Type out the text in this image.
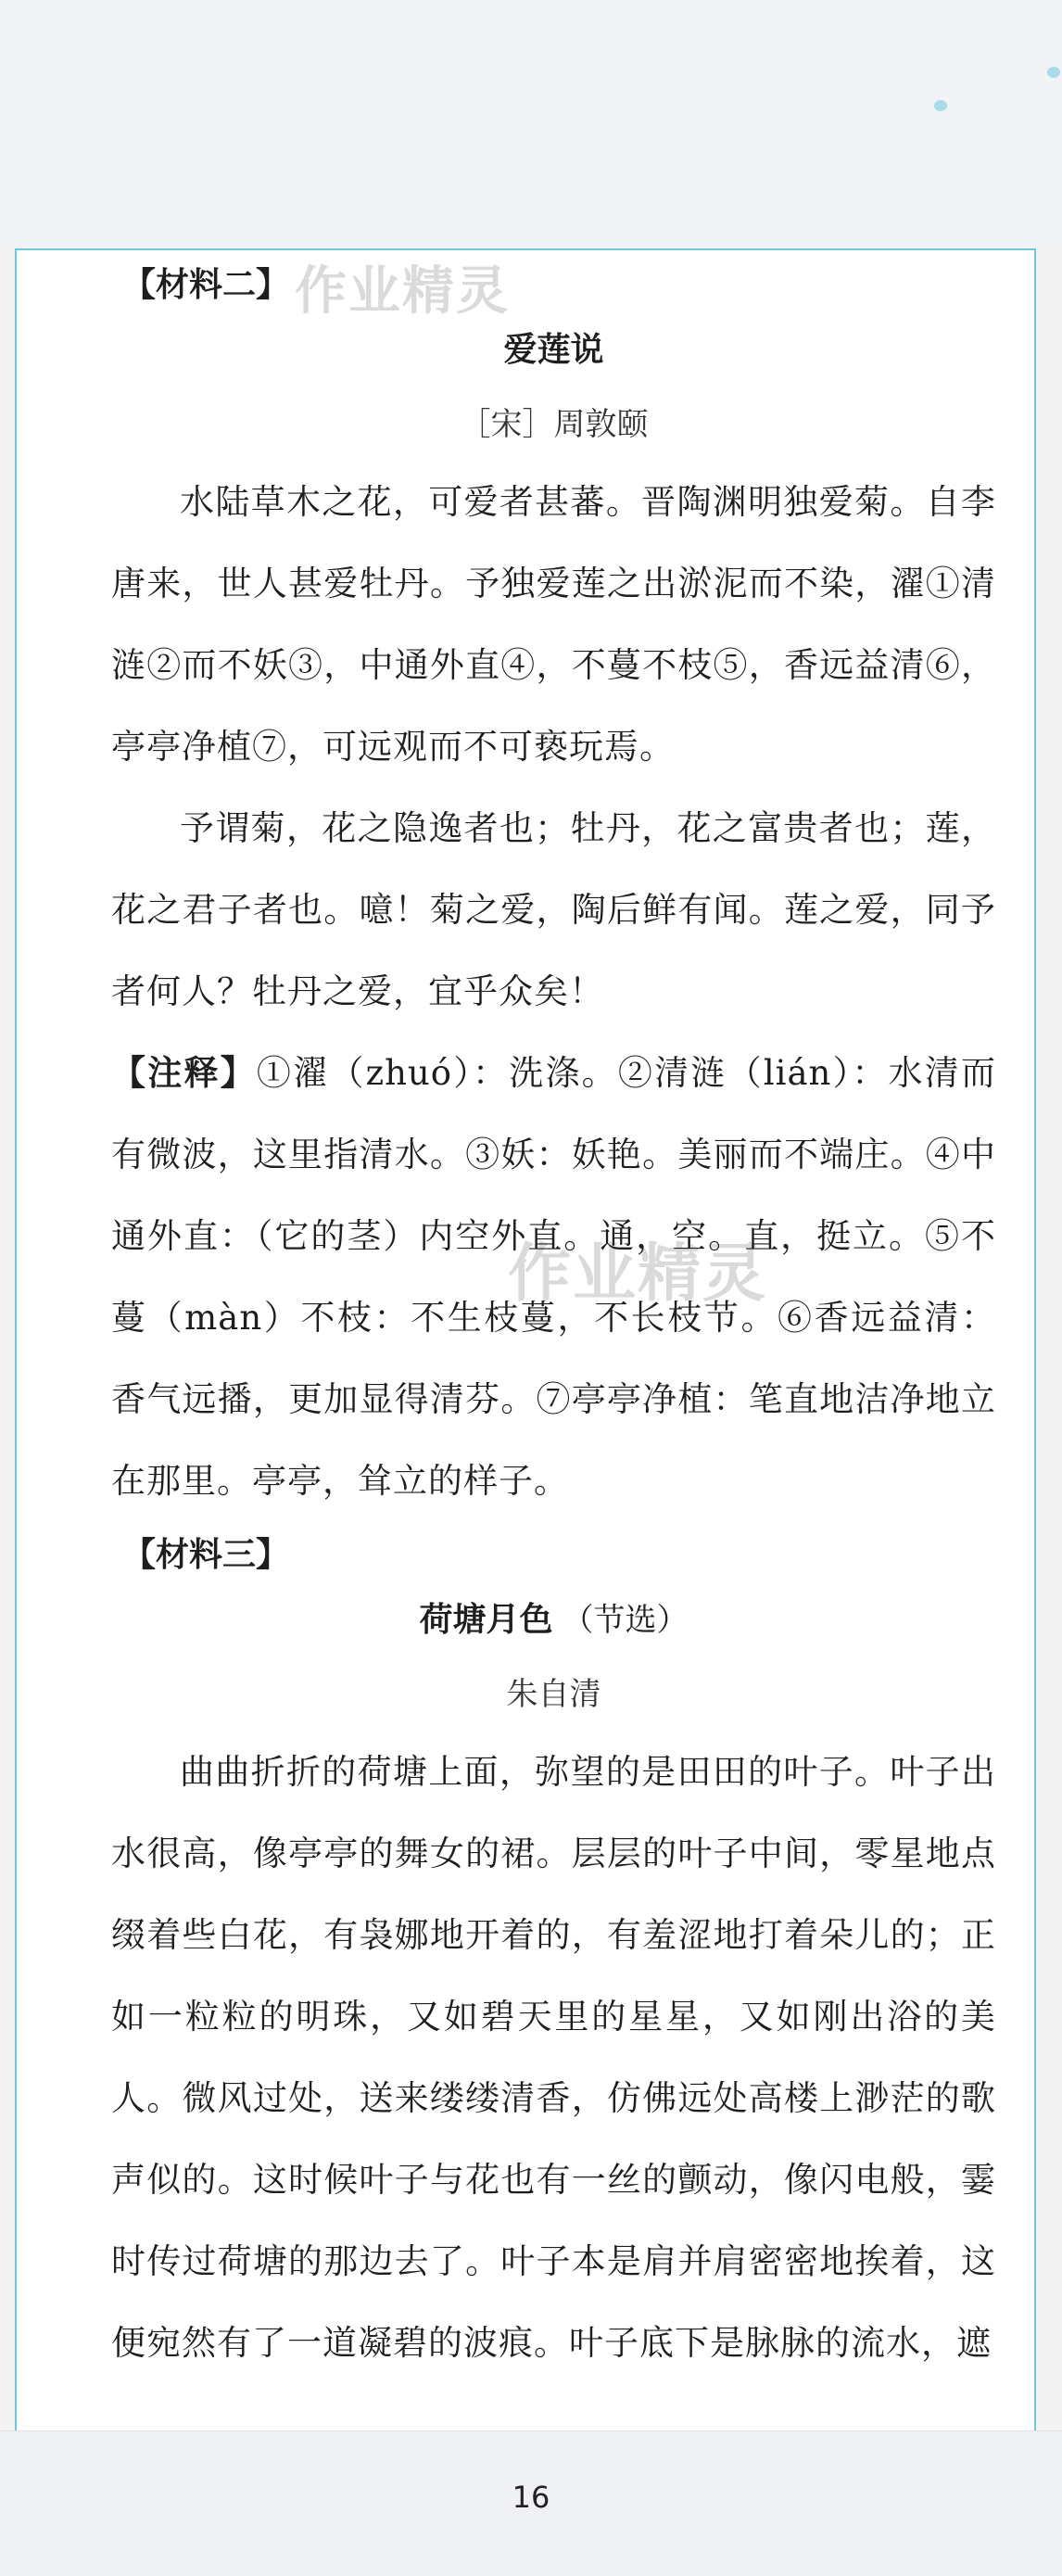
作业精灵
作业精灵

【材料二】

爱莲说

［宋］周敦颐

水陆草木之花，可爱者甚蕃。晋陶渊明独爱菊。自李唐来，世人甚爱牡丹。予独爱莲之出淤泥而不染，濯①清涟②而不妖③，中通外直④，不蔓不枝⑤，香远益清⑥，亭亭净植⑦，可远观而不可亵玩焉。

予谓菊，花之隐逸者也；牡丹，花之富贵者也；莲，花之君子者也。噫！菊之爱，陶后鲜有闻。莲之爱，同予者何人？牡丹之爱，宜乎众矣！

【注释】①濯（zhuó）：洗涤。②清涟（lián）：水清而有微波，这里指清水。③妖：妖艳。美丽而不端庄。④中通外直：（它的茎）内空外直。通，空。直，挺立。⑤不蔓（màn）不枝：不生枝蔓，不长枝节。⑥香远益清：香气远播，更加显得清芬。⑦亭亭净植：笔直地洁净地立在那里。亭亭，耸立的样子。

【材料三】

荷塘月色 （节选）

朱自清

曲曲折折的荷塘上面，弥望的是田田的叶子。叶子出水很高，像亭亭的舞女的裙。层层的叶子中间，零星地点缀着些白花，有袅娜地开着的，有羞涩地打着朵儿的；正如一粒粒的明珠，又如碧天里的星星，又如刚出浴的美人。微风过处，送来缕缕清香，仿佛远处高楼上渺茫的歌声似的。这时候叶子与花也有一丝的颤动，像闪电般，霎时传过荷塘的那边去了。叶子本是肩并肩密密地挨着，这便宛然有了一道凝碧的波痕。叶子底下是脉脉的流水，遮

16
